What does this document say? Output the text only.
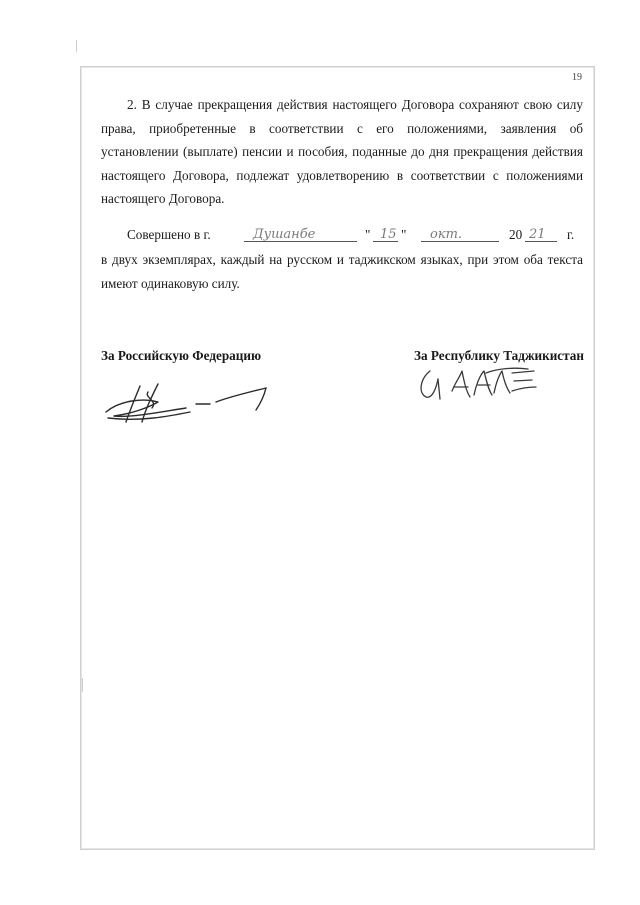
19

2. В случае прекращения действия настоящего Договора сохраняют свою силу права, приобретенные в соответствии с его положениями, заявления об установлении (выплате) пенсии и пособия, поданные до дня прекращения действия настоящего Договора, подлежат удовлетворению в соответствии с положениями настоящего Договора.

Совершено в г.	Душанбе	" 15 " окт.	20 21 г.

в двух экземплярах, каждый на русском и таджикском языках, при этом оба текста имеют одинаковую силу.

За Российскую Федерацию	За Республику Таджикистан
